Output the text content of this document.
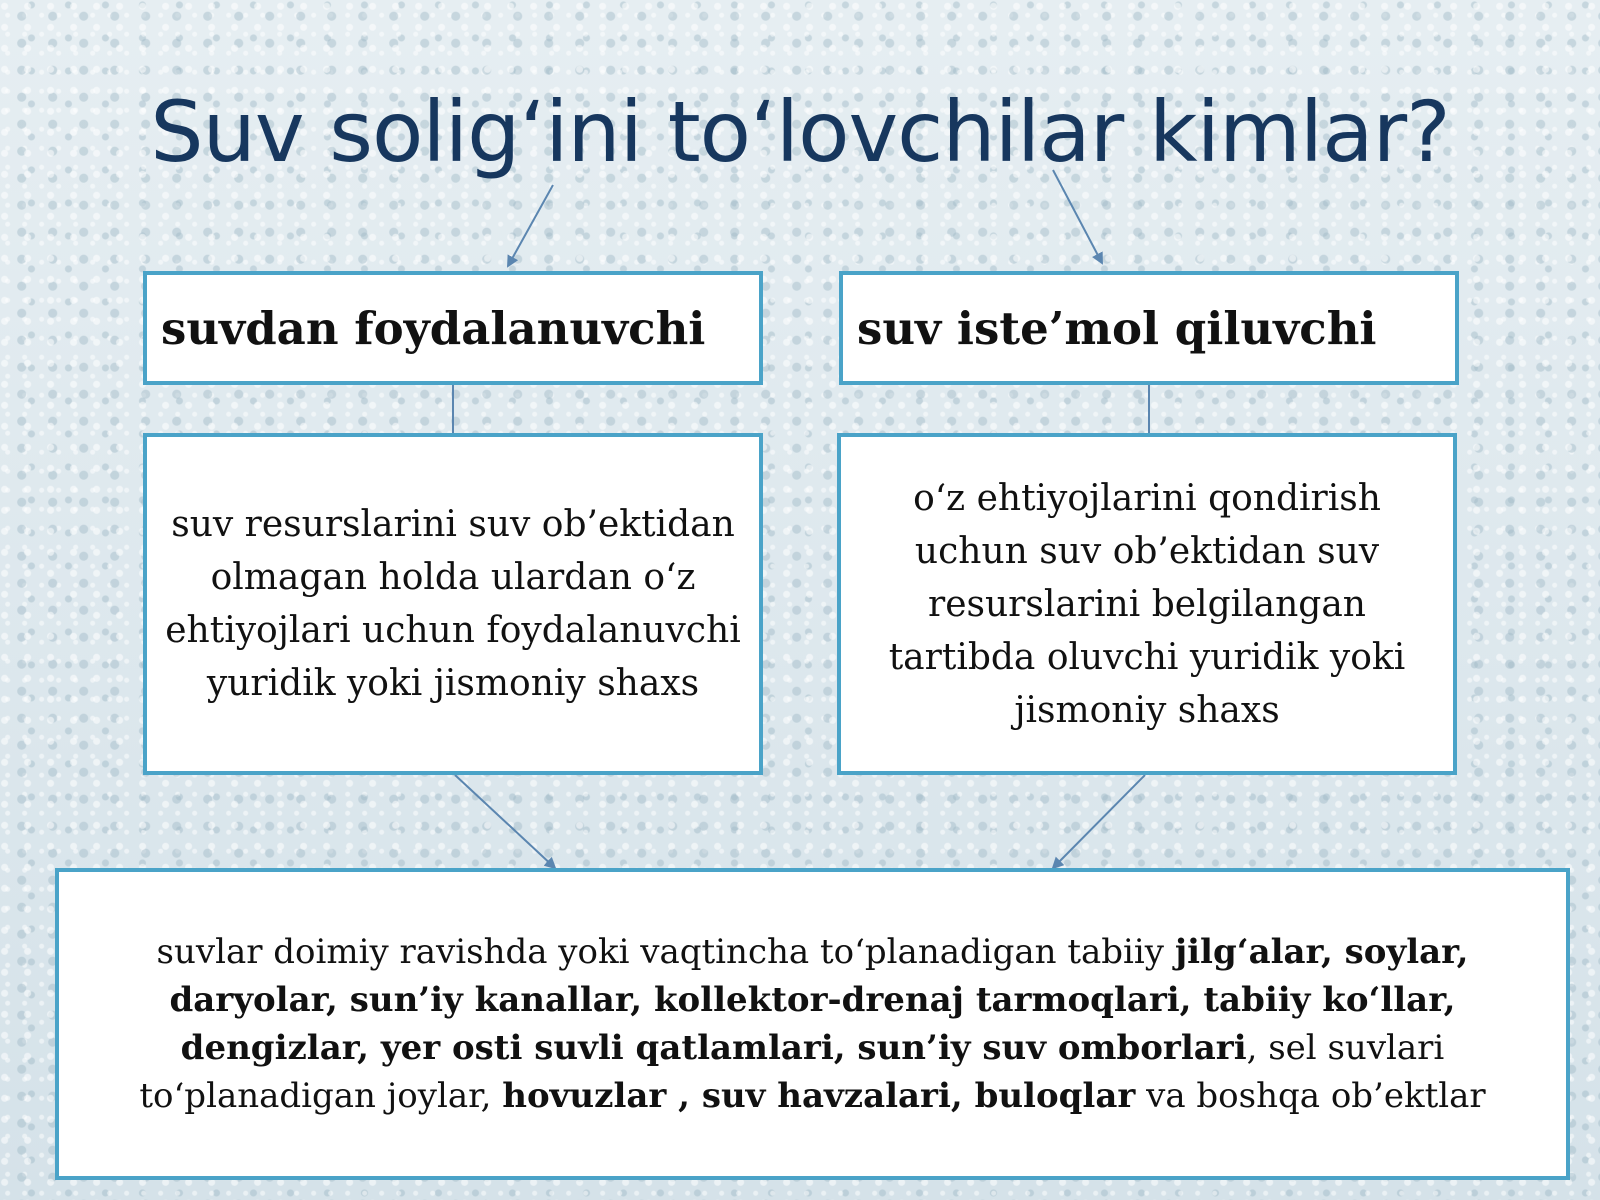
Suv solig‘ini to‘lovchilar kimlar?
suvdan foydalanuvchi	suv iste’mol qiluvchi
suv resurslarini suv ob’ektidan olmagan holda ulardan o‘z ehtiyojlari uchun foydalanuvchi yuridik yoki jismoniy shaxs
o‘z ehtiyojlarini qondirish uchun suv ob’ektidan suv resurslarini belgilangan tartibda oluvchi yuridik yoki jismoniy shaxs
suvlar doimiy ravishda yoki vaqtincha to‘planadigan tabiiy jilg‘alar, soylar, daryolar, sun’iy kanallar, kollektor-drenaj tarmoqlari, tabiiy ko‘llar, dengizlar, yer osti suvli qatlamlari, sun’iy suv omborlari, sel suvlari to‘planadigan joylar, hovuzlar , suv havzalari, buloqlar va boshqa ob’ektlar
